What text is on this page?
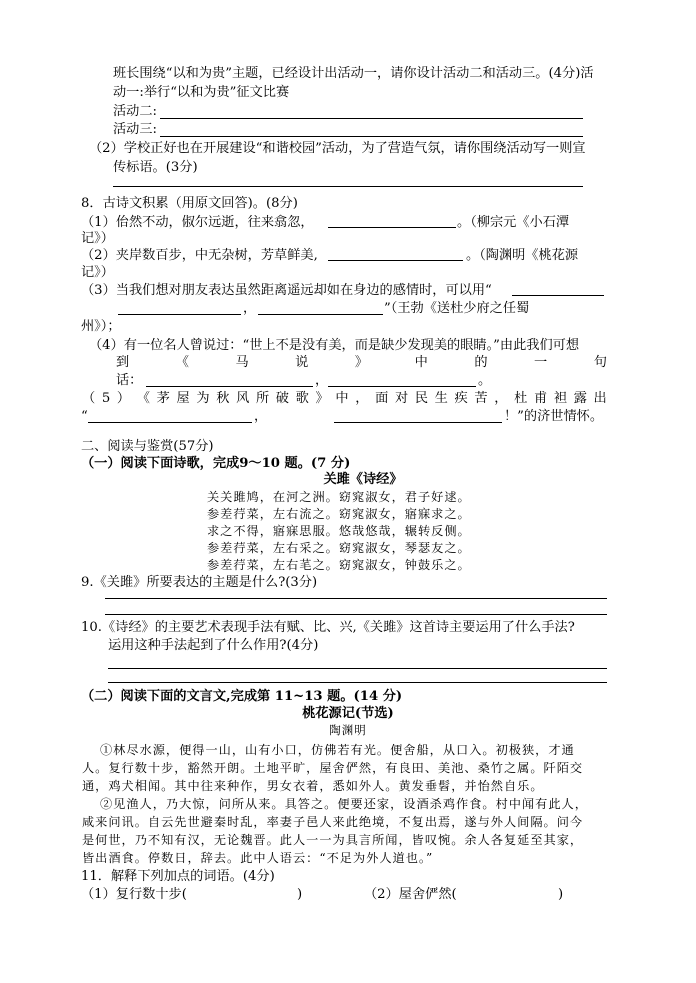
班长围绕“以和为贵”主题，已经设计出活动一，请你设计活动二和活动三。(4分)活
动一:举行“以和为贵”征文比赛
活动二:
活动三:
（2）学校正好也在开展建设“和谐校园”活动，为了营造气氛，请你围绕活动写一则宣
传标语。(3分)
8．古诗文积累（用原文回答)。(8分)
（1）佁然不动，俶尔远逝，往来翕忽，	。（柳宗元《小石潭
记》）
（2）夹岸数百步，中无杂树，芳草鲜美,	。（陶渊明《桃花源
记》）
（3）当我们想对朋友表达虽然距离遥远却如在身边的感情时，可以用“
，	”（王勃《送杜少府之任蜀
州》）；
（4）有一位名人曾说过：“世上不是没有美，而是缺少发现美的眼睛。”由此我们可想
到	《	马	说	》	中	的	一	句
话：	，	。
（ 5 ） 《 茅 屋 为 秋 风 所 破 歌 》 中 ， 面 对 民 生 疾 苦 ， 杜 甫 袒 露 出
“	，	！”的济世情怀。
二、阅读与鉴赏(57分)
（一）阅读下面诗歌，完成9～10 题。(7 分)
关雎《诗经》
关关雎鸠，在河之洲。窈窕淑女，君子好逑。
参差荇菜，左右流之。窈窕淑女，寤寐求之。
求之不得，寤寐思服。悠哉悠哉，辗转反侧。
参差荇菜，左右采之。窈窕淑女，琴瑟友之。
参差荇菜，左右芼之。窈窕淑女，钟鼓乐之。
9.《关雎》所要表达的主题是什么?(3分)
10.《诗经》的主要艺术表现手法有赋、比、兴,《关雎》这首诗主要运用了什么手法?
运用这种手法起到了什么作用?(4分)
（二）阅读下面的文言文,完成第 11~13 题。(14 分)
桃花源记(节选)
陶渊明
①林尽水源，便得一山，山有小口，仿佛若有光。便舍船，从口入。初极狭，才通
人。复行数十步，豁然开朗。土地平旷，屋舍俨然，有良田、美池、桑竹之属。阡陌交
通，鸡犬相闻。其中往来种作，男女衣着，悉如外人。黄发垂髫，并怡然自乐。
②见渔人，乃大惊，问所从来。具答之。便要还家，设酒杀鸡作食。村中闻有此人，
咸来问讯。自云先世避秦时乱，率妻子邑人来此绝境，不复出焉，遂与外人间隔。问今
是何世，乃不知有汉，无论魏晋。此人一一为具言所闻，皆叹惋。余人各复延至其家，
皆出酒食。停数日，辞去。此中人语云：“不足为外人道也。”
11．解释下列加点的词语。(4分)
（1）复行数十步(	)	（2）屋舍俨然(	)
